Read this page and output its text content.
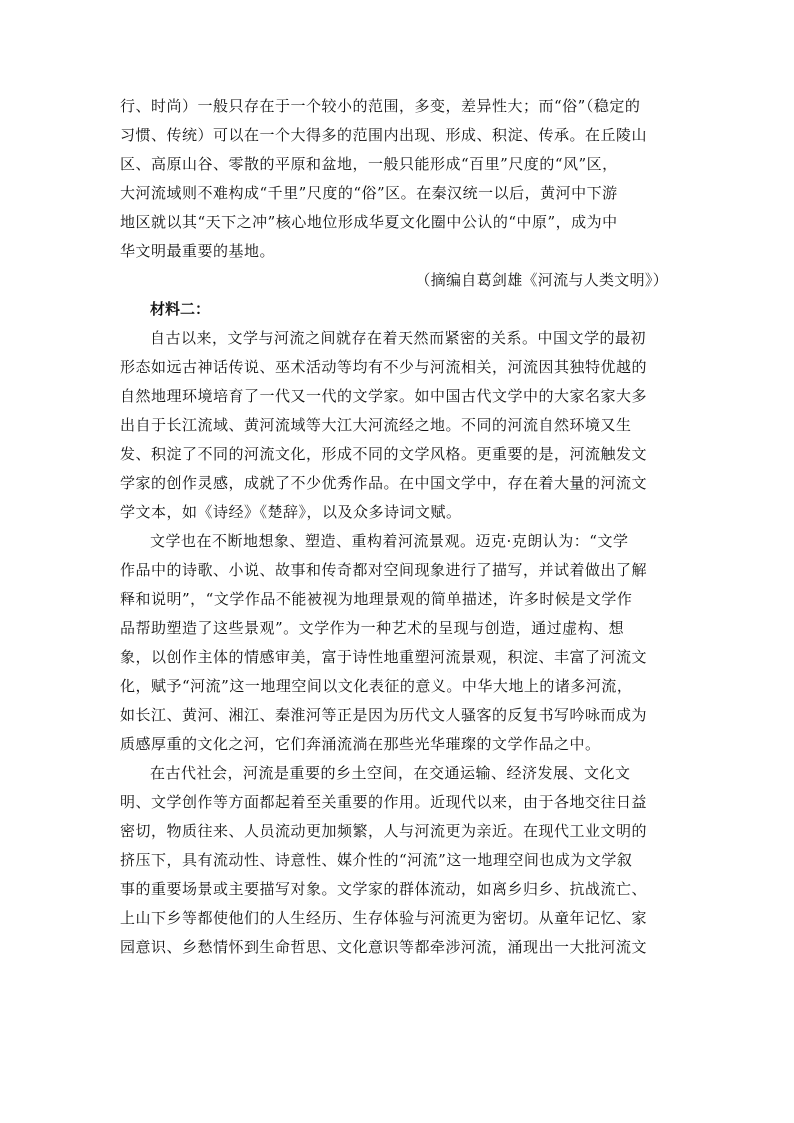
行、时尚）一般只存在于一个较小的范围，多变，差异性大；而“俗”（稳定的
习惯、传统）可以在一个大得多的范围内出现、形成、积淀、传承。在丘陵山
区、高原山谷、零散的平原和盆地，一般只能形成“百里”尺度的“风”区，
大河流域则不难构成“千里”尺度的“俗”区。在秦汉统一以后，黄河中下游
地区就以其“天下之冲”核心地位形成华夏文化圈中公认的“中原”，成为中
华文明最重要的基地。

（摘编自葛剑雄《河流与人类文明》）

材料二：

自古以来，文学与河流之间就存在着天然而紧密的关系。中国文学的最初
形态如远古神话传说、巫术活动等均有不少与河流相关，河流因其独特优越的
自然地理环境培育了一代又一代的文学家。如中国古代文学中的大家名家大多
出自于长江流域、黄河流域等大江大河流经之地。不同的河流自然环境又生
发、积淀了不同的河流文化，形成不同的文学风格。更重要的是，河流触发文
学家的创作灵感，成就了不少优秀作品。在中国文学中，存在着大量的河流文
学文本，如《诗经》《楚辞》，以及众多诗词文赋。

文学也在不断地想象、塑造、重构着河流景观。迈克·克朗认为：“文学
作品中的诗歌、小说、故事和传奇都对空间现象进行了描写，并试着做出了解
释和说明”，“文学作品不能被视为地理景观的简单描述，许多时候是文学作
品帮助塑造了这些景观”。文学作为一种艺术的呈现与创造，通过虚构、想
象，以创作主体的情感审美，富于诗性地重塑河流景观，积淀、丰富了河流文
化，赋予“河流”这一地理空间以文化表征的意义。中华大地上的诸多河流，
如长江、黄河、湘江、秦淮河等正是因为历代文人骚客的反复书写吟咏而成为
质感厚重的文化之河，它们奔涌流淌在那些光华璀璨的文学作品之中。

在古代社会，河流是重要的乡土空间，在交通运输、经济发展、文化文
明、文学创作等方面都起着至关重要的作用。近现代以来，由于各地交往日益
密切，物质往来、人员流动更加频繁，人与河流更为亲近。在现代工业文明的
挤压下，具有流动性、诗意性、媒介性的“河流”这一地理空间也成为文学叙
事的重要场景或主要描写对象。文学家的群体流动，如离乡归乡、抗战流亡、
上山下乡等都使他们的人生经历、生存体验与河流更为密切。从童年记忆、家
园意识、乡愁情怀到生命哲思、文化意识等都牵涉河流，涌现出一大批河流文
